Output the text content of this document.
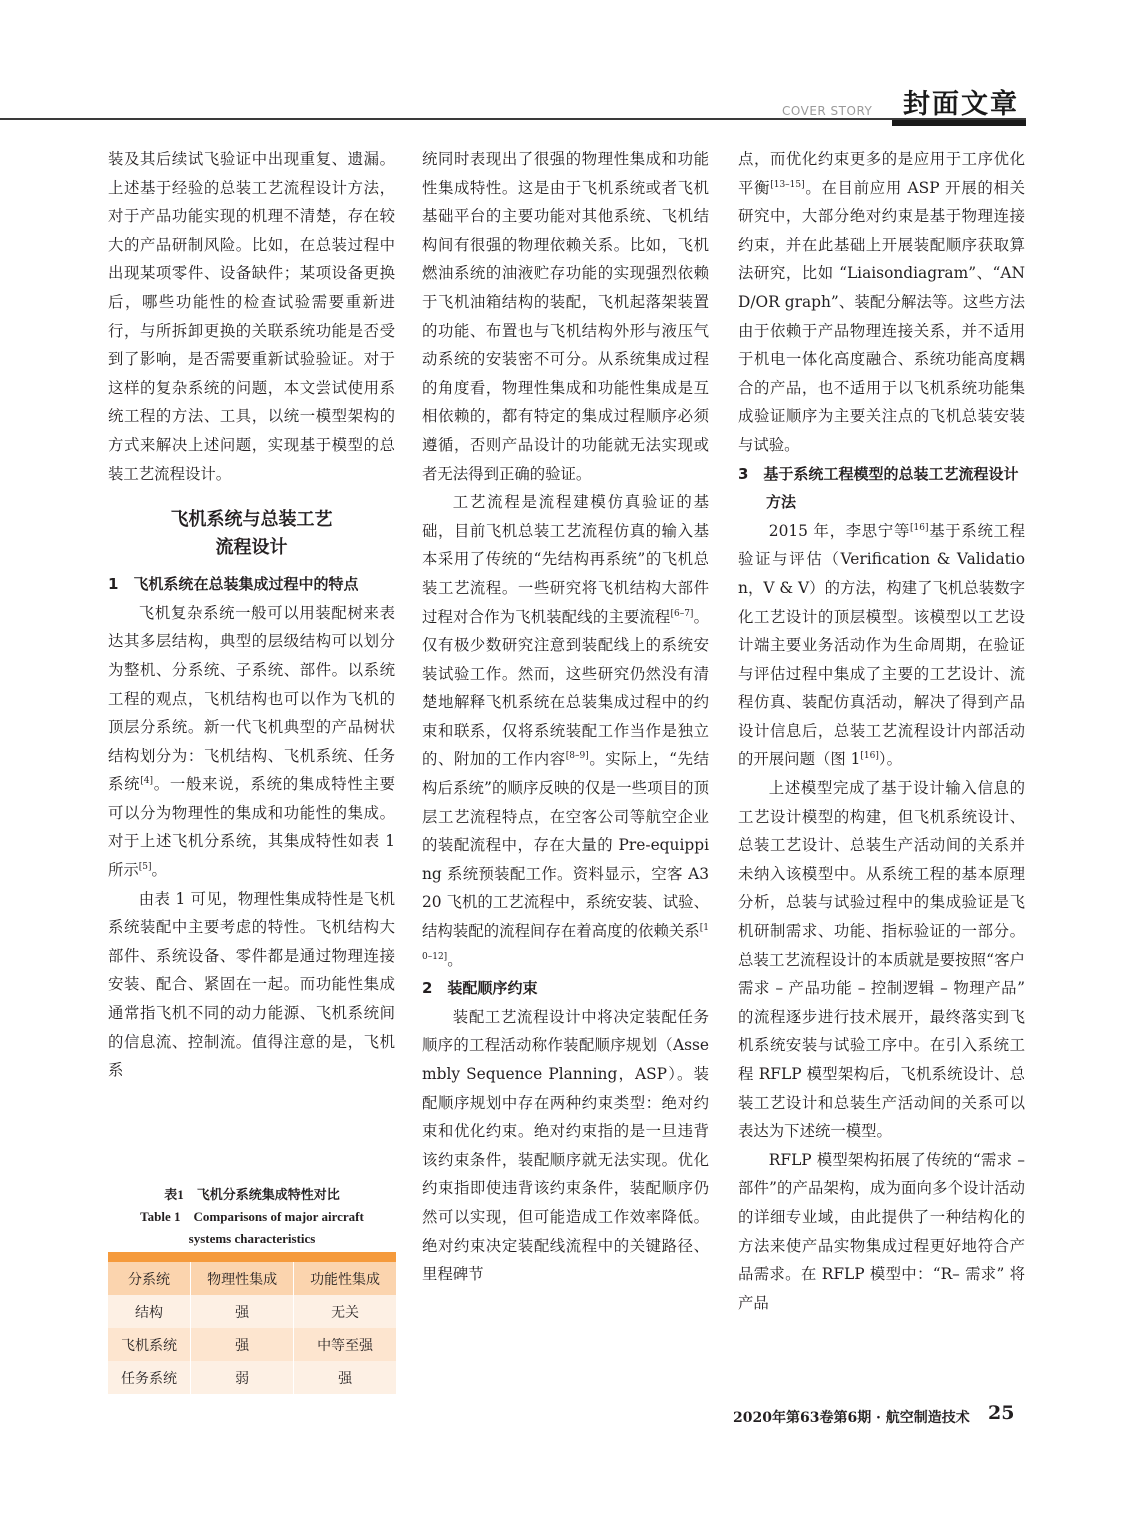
COVER STORY 封面文章

装及其后续试飞验证中出现重复、遗漏。上述基于经验的总装工艺流程设计方法，对于产品功能实现的机理不清楚，存在较大的产品研制风险。比如，在总装过程中出现某项零件、设备缺件；某项设备更换后，哪些功能性的检查试验需要重新进行，与所拆卸更换的关联系统功能是否受到了影响，是否需要重新试验验证。对于这样的复杂系统的问题，本文尝试使用系统工程的方法、工具，以统一模型架构的方式来解决上述问题，实现基于模型的总装工艺流程设计。

飞机系统与总装工艺
流程设计

1　飞机系统在总装集成过程中的特点

飞机复杂系统一般可以用装配树来表达其多层结构，典型的层级结构可以划分为整机、分系统、子系统、部件。以系统工程的观点，飞机结构也可以作为飞机的顶层分系统。新一代飞机典型的产品树状结构划分为：飞机结构、飞机系统、任务系统[4]。一般来说，系统的集成特性主要可以分为物理性的集成和功能性的集成。对于上述飞机分系统，其集成特性如表 1 所示[5]。

由表 1 可见，物理性集成特性是飞机系统装配中主要考虑的特性。飞机结构大部件、系统设备、零件都是通过物理连接安装、配合、紧固在一起。而功能性集成通常指飞机不同的动力能源、飞机系统间的信息流、控制流。值得注意的是，飞机系

表1　飞机分系统集成特性对比
Table 1　Comparisons of major aircraft
systems characteristics
分系统	物理性集成	功能性集成
结构	强	无关
飞机系统	强	中等至强
任务系统	弱	强

统同时表现出了很强的物理性集成和功能性集成特性。这是由于飞机系统或者飞机基础平台的主要功能对其他系统、飞机结构间有很强的物理依赖关系。比如，飞机燃油系统的油液贮存功能的实现强烈依赖于飞机油箱结构的装配，飞机起落架装置的功能、布置也与飞机结构外形与液压气动系统的安装密不可分。从系统集成过程的角度看，物理性集成和功能性集成是互相依赖的，都有特定的集成过程顺序必须遵循，否则产品设计的功能就无法实现或者无法得到正确的验证。

工艺流程是流程建模仿真验证的基础，目前飞机总装工艺流程仿真的输入基本采用了传统的“先结构再系统”的飞机总装工艺流程。一些研究将飞机结构大部件过程对合作为飞机装配线的主要流程[6–7]。仅有极少数研究注意到装配线上的系统安装试验工作。然而，这些研究仍然没有清楚地解释飞机系统在总装集成过程中的约束和联系，仅将系统装配工作当作是独立的、附加的工作内容[8–9]。实际上，“先结构后系统”的顺序反映的仅是一些项目的顶层工艺流程特点，在空客公司等航空企业的装配流程中，存在大量的 Pre-equipping 系统预装配工作。资料显示，空客 A320 飞机的工艺流程中，系统安装、试验、结构装配的流程间存在着高度的依赖关系[10–12]。

2　装配顺序约束

装配工艺流程设计中将决定装配任务顺序的工程活动称作装配顺序规划（Assembly Sequence Planning，ASP）。装配顺序规划中存在两种约束类型：绝对约束和优化约束。绝对约束指的是一旦违背该约束条件，装配顺序就无法实现。优化约束指即使违背该约束条件，装配顺序仍然可以实现，但可能造成工作效率降低。绝对约束决定装配线流程中的关键路径、里程碑节

点，而优化约束更多的是应用于工序优化平衡[13–15]。在目前应用 ASP 开展的相关研究中，大部分绝对约束是基于物理连接约束，并在此基础上开展装配顺序获取算法研究，比如 “Liaisondiagram”、“AND/OR graph”、装配分解法等。这些方法由于依赖于产品物理连接关系，并不适用于机电一体化高度融合、系统功能高度耦合的产品，也不适用于以飞机系统功能集成验证顺序为主要关注点的飞机总装安装与试验。

3　基于系统工程模型的总装工艺流程设计方法

2015 年，李思宁等[16]基于系统工程验证与评估（Verification & Validation，V & V）的方法，构建了飞机总装数字化工艺设计的顶层模型。该模型以工艺设计端主要业务活动作为生命周期，在验证与评估过程中集成了主要的工艺设计、流程仿真、装配仿真活动，解决了得到产品设计信息后，总装工艺流程设计内部活动的开展问题（图 1[16]）。

上述模型完成了基于设计输入信息的工艺设计模型的构建，但飞机系统设计、总装工艺设计、总装生产活动间的关系并未纳入该模型中。从系统工程的基本原理分析，总装与试验过程中的集成验证是飞机研制需求、功能、指标验证的一部分。总装工艺流程设计的本质就是要按照“客户需求 – 产品功能 – 控制逻辑 – 物理产品” 的流程逐步进行技术展开，最终落实到飞机系统安装与试验工序中。在引入系统工程 RFLP 模型架构后，飞机系统设计、总装工艺设计和总装生产活动间的关系可以表达为下述统一模型。

RFLP 模型架构拓展了传统的“需求 – 部件”的产品架构，成为面向多个设计活动的详细专业域，由此提供了一种结构化的方法来使产品实物集成过程更好地符合产品需求。在 RFLP 模型中：“R– 需求” 将产品

2020年第63卷第6期 · 航空制造技术 25
